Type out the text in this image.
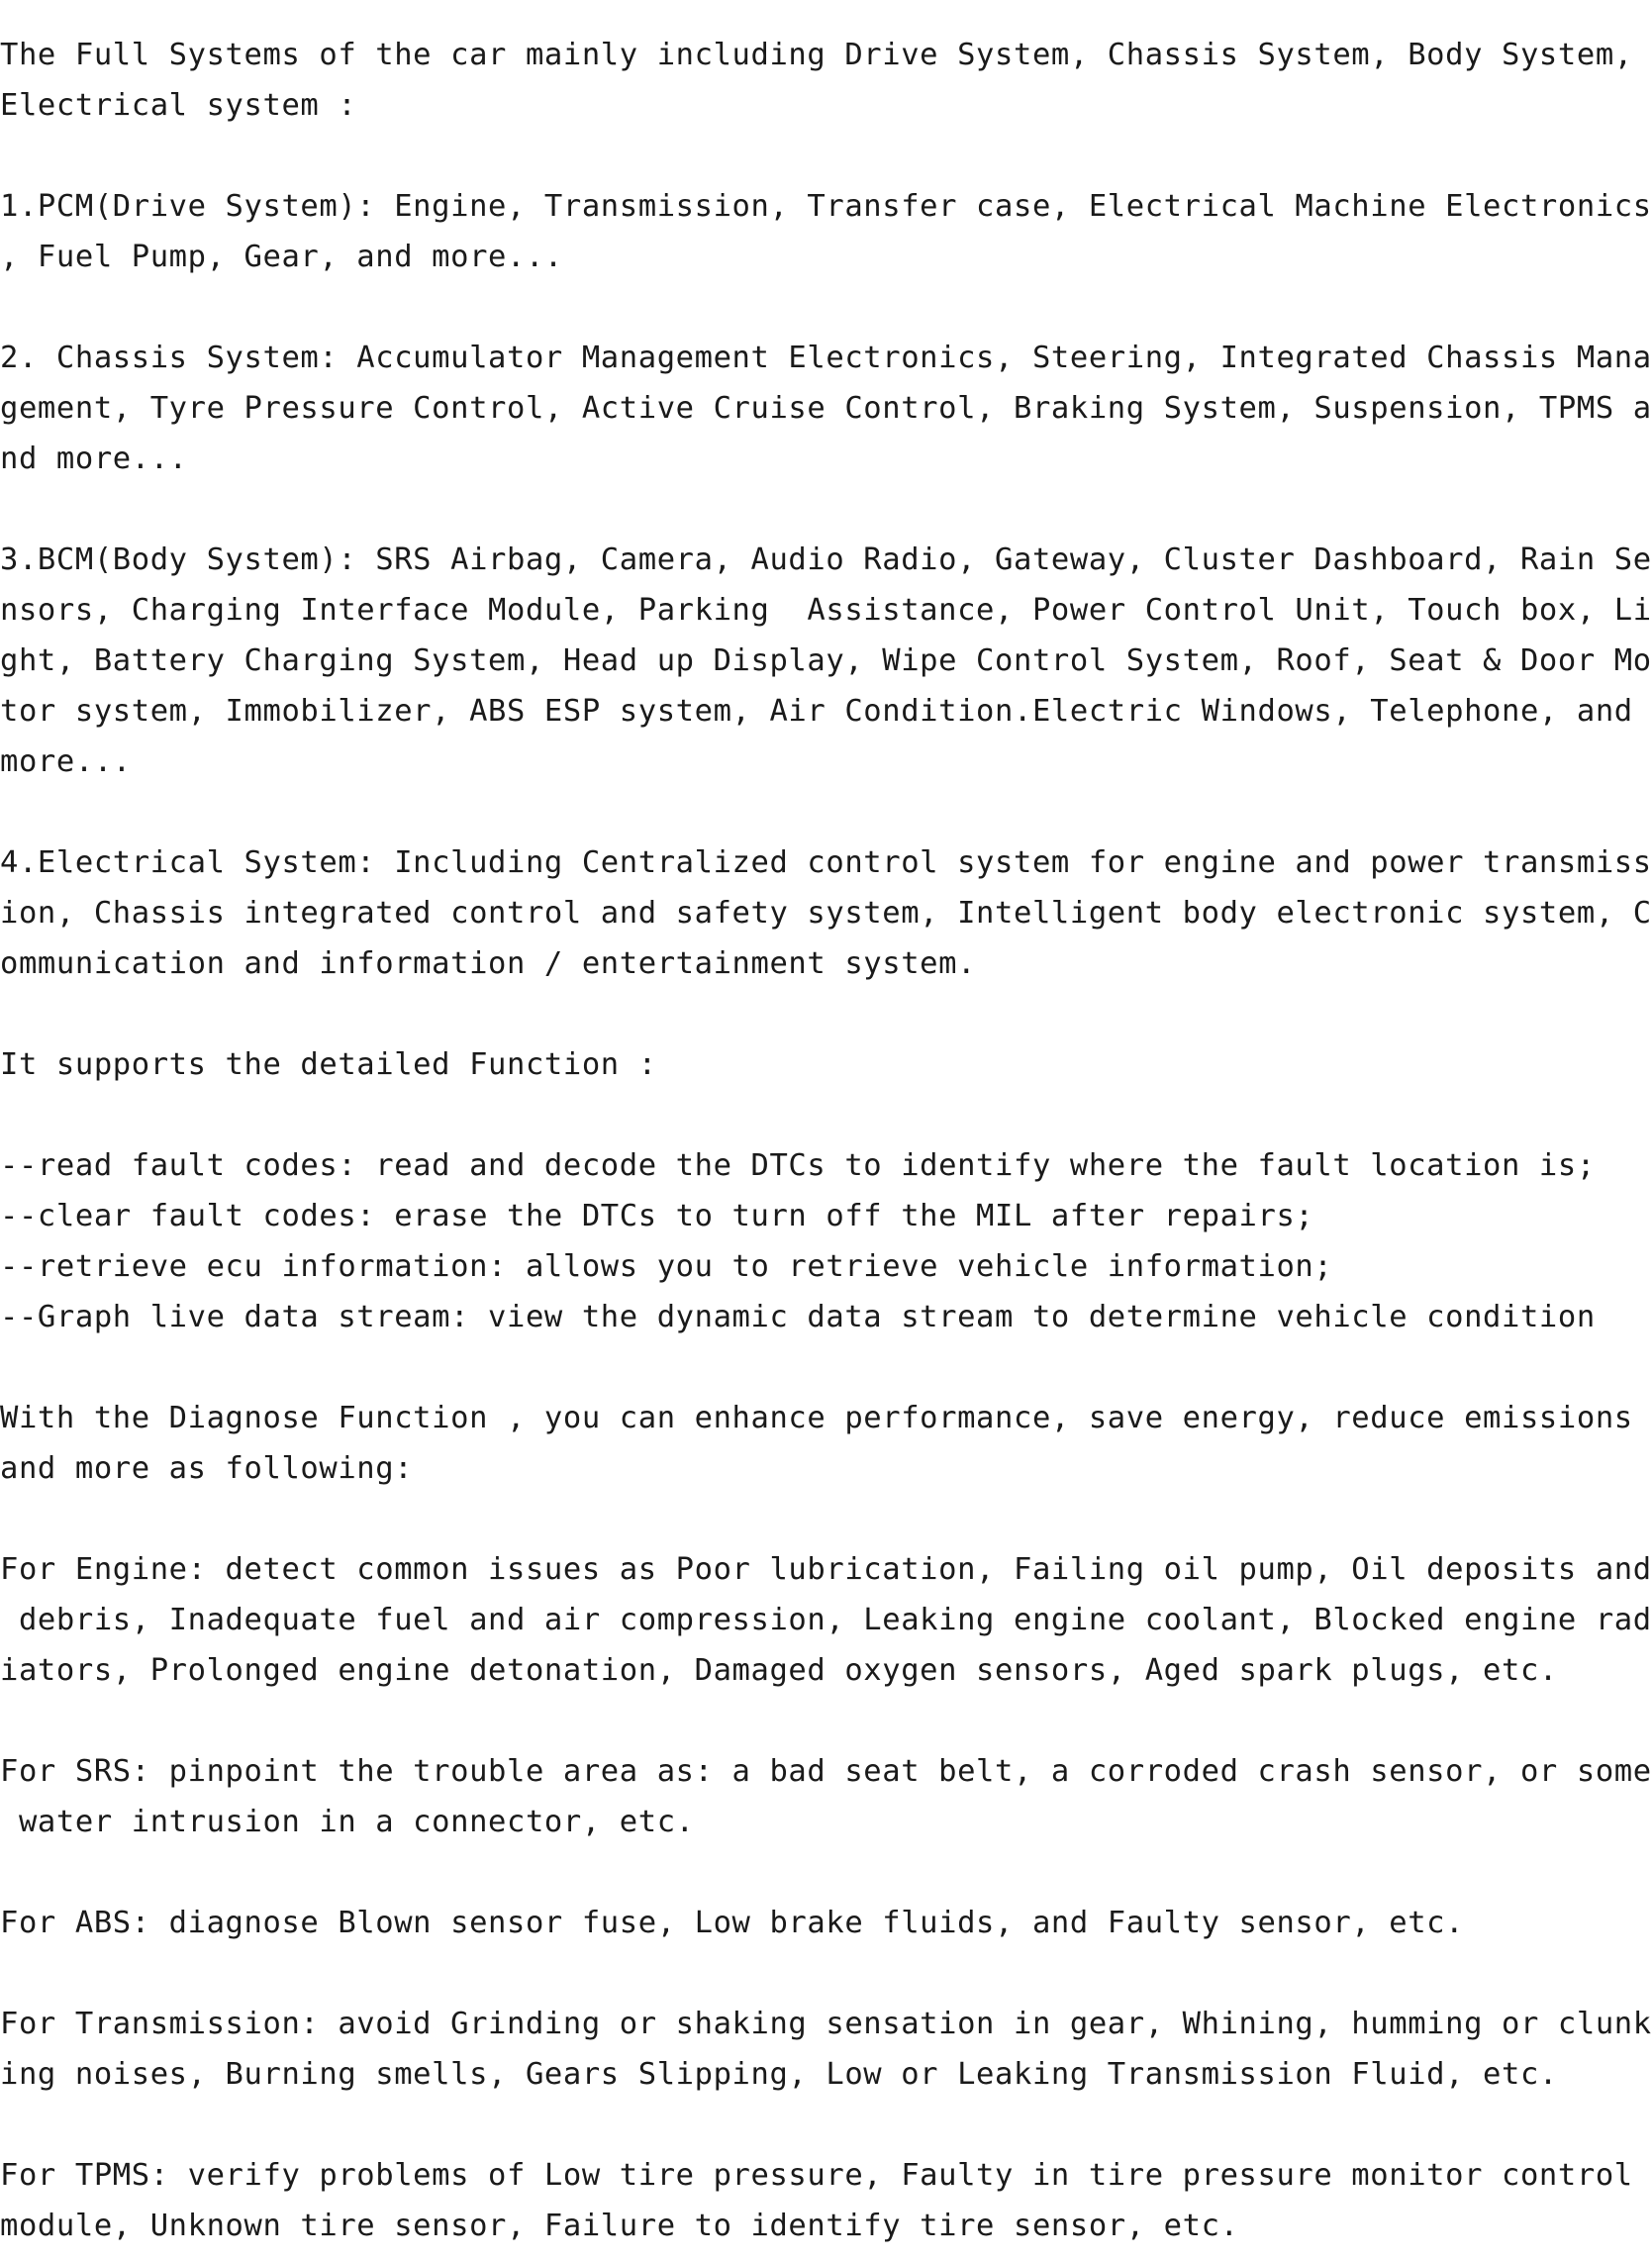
The Full Systems of the car mainly including Drive System, Chassis System, Body System,
Electrical system :
1.PCM(Drive System): Engine, Transmission, Transfer case, Electrical Machine Electronics
, Fuel Pump, Gear, and more...
2. Chassis System: Accumulator Management Electronics, Steering, Integrated Chassis Mana
gement, Tyre Pressure Control, Active Cruise Control, Braking System, Suspension, TPMS a
nd more...
3.BCM(Body System): SRS Airbag, Camera, Audio Radio, Gateway, Cluster Dashboard, Rain Se
nsors, Charging Interface Module, Parking  Assistance, Power Control Unit, Touch box, Li
ght, Battery Charging System, Head up Display, Wipe Control System, Roof, Seat & Door Mo
tor system, Immobilizer, ABS ESP system, Air Condition.Electric Windows, Telephone, and
more...
4.Electrical System: Including Centralized control system for engine and power transmiss
ion, Chassis integrated control and safety system, Intelligent body electronic system, C
ommunication and information / entertainment system.
It supports the detailed Function :
--read fault codes: read and decode the DTCs to identify where the fault location is;
--clear fault codes: erase the DTCs to turn off the MIL after repairs;
--retrieve ecu information: allows you to retrieve vehicle information;
--Graph live data stream: view the dynamic data stream to determine vehicle condition
With the Diagnose Function , you can enhance performance, save energy, reduce emissions
and more as following:
For Engine: detect common issues as Poor lubrication, Failing oil pump, Oil deposits and
debris, Inadequate fuel and air compression, Leaking engine coolant, Blocked engine rad
iators, Prolonged engine detonation, Damaged oxygen sensors, Aged spark plugs, etc.
For SRS: pinpoint the trouble area as: a bad seat belt, a corroded crash sensor, or some
water intrusion in a connector, etc.
For ABS: diagnose Blown sensor fuse, Low brake fluids, and Faulty sensor, etc.
For Transmission: avoid Grinding or shaking sensation in gear, Whining, humming or clunk
ing noises, Burning smells, Gears Slipping, Low or Leaking Transmission Fluid, etc.
For TPMS: verify problems of Low tire pressure, Faulty in tire pressure monitor control
module, Unknown tire sensor, Failure to identify tire sensor, etc.
